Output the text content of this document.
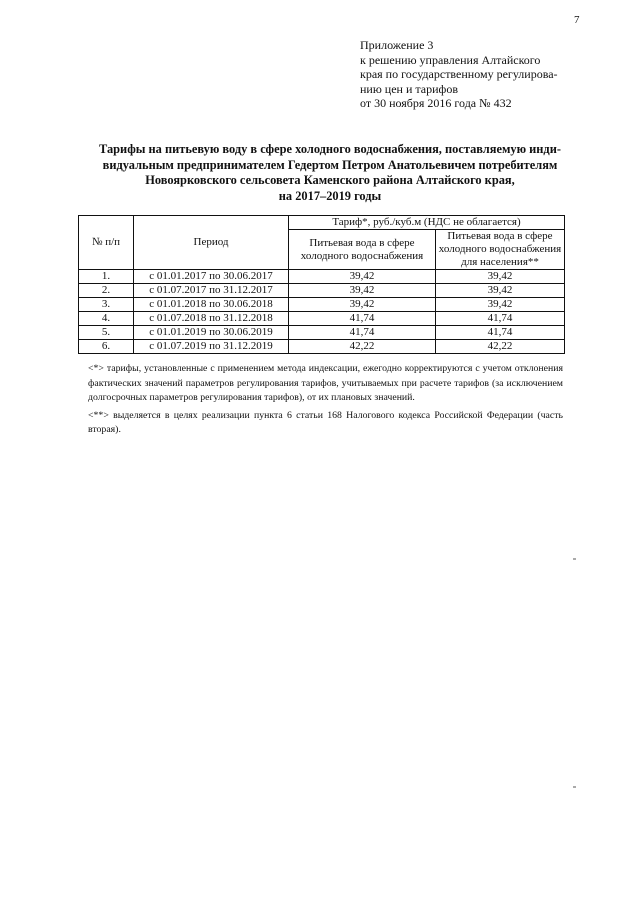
7
Приложение 3
к решению управления Алтайского
края по государственному регулирова-
нию цен и тарифов
от 30 ноября 2016 года № 432
Тарифы на питьевую воду в сфере холодного водоснабжения, поставляемую инди-
видуальным предпринимателем Гедертом Петром Анатольевичем потребителям
Новоярковского сельсовета Каменского района Алтайского края,
на 2017–2019 годы
№ п/п	Период	Тариф*, руб./куб.м (НДС не облагается)	
		Питьевая вода в сфере холодного водоснабжения	Питьевая вода в сфере холодного водоснабжения для населения**
1.	с 01.01.2017 по 30.06.2017	39,42	39,42
2.	с 01.07.2017 по 31.12.2017	39,42	39,42
3.	с 01.01.2018 по 30.06.2018	39,42	39,42
4.	с 01.07.2018 по 31.12.2018	41,74	41,74
5.	с 01.01.2019 по 30.06.2019	41,74	41,74
6.	с 01.07.2019 по 31.12.2019	42,22	42,22

<*> тарифы, установленные с применением метода индексации, ежегодно корректируются с учетом отклонения фактических значений параметров регулирования тарифов, учитываемых при расчете тарифов (за исключением долгосрочных параметров регулирования тарифов), от их плановых значений.

<**> выделяется в целях реализации пункта 6 статьи 168 Налогового кодекса Российской Федерации (часть вторая).
